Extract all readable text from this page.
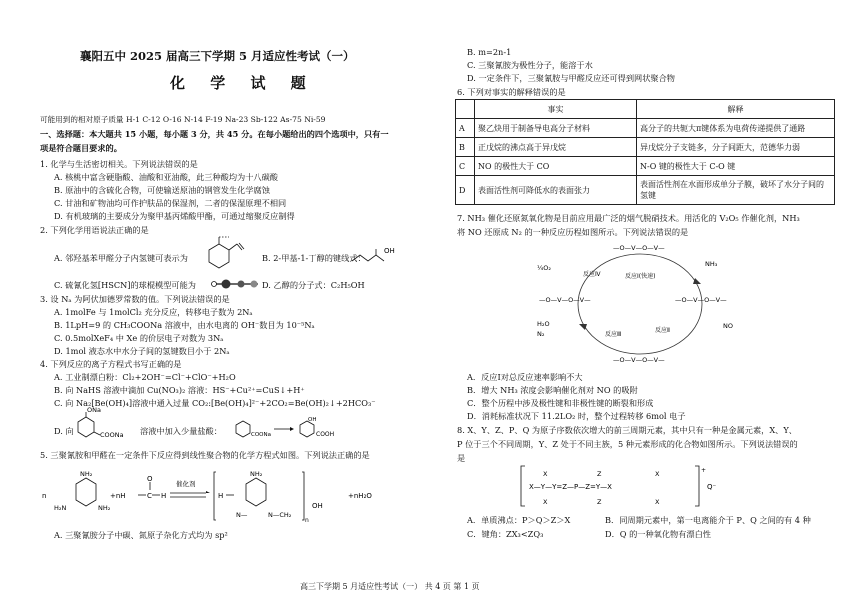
襄阳五中 2025 届高三下学期 5 月适应性考试（一）
化 学 试 题
可能用到的相对原子质量 H-1 C-12 O-16 N-14 F-19 Na-23 Sb-122 As-75 Ni-59
一、选择题：本大题共 15 小题，每小题 3 分，共 45 分。在每小题给出的四个选项中，只有一
项是符合题目要求的。
1. 化学与生活密切相关。下列说法错误的是
A. 核桃中富含硬脂酸、油酸和亚油酸，此三种酸均为十八碳酸
B. 原油中的含硫化合物，可使输送原油的钢管发生化学腐蚀
C. 甘油和矿物油均可作护肤品的保湿剂，二者的保湿原理不相同
D. 有机玻璃的主要成分为聚甲基丙烯酸甲酯，可通过缩聚反应制得
2. 下列化学用语说法正确的是
A. 邻羟基苯甲醛分子内氢键可表示为	B. 2-甲基-1-丁醇的键线式：
OH
C. 硫氰化氢[HSCN]的球棍模型可能为	D. 乙醇的分子式：C₂H₅OH
3. 设 Nₐ 为阿伏加德罗常数的值。下列说法错误的是
A. 1molFe 与 1molCl₂ 充分反应，转移电子数为 2Nₐ
B. 1LpH=9 的 CH₃COONa 溶液中，由水电离的 OH⁻数目为 10⁻⁵Nₐ
C. 0.5molXeF₄ 中 Xe 的价层电子对数为 3Nₐ
D. 1mol 液态水中水分子间的氢键数目小于 2Nₐ
4. 下列反应的离子方程式书写正确的是
A. 工业制漂白粉：Cl₂+2OH⁻=Cl⁻+ClO⁻+H₂O
B. 向 NaHS 溶液中滴加 Cu(NO₃)₂ 溶液：HS⁻+Cu²⁺=CuS↓+H⁺
C. 向 Na₂[Be(OH)₄]溶液中通入过量 CO₂:[Be(OH)₄]²⁻+2CO₂=Be(OH)₂↓+2HCO₃⁻
D. 向
ONa
COONa 溶液中加入少量盐酸：	COONa
OH
COOH
5. 三聚氰胺和甲醛在一定条件下反应得到线性聚合物的化学方程式如图。下列说法正确的是
n
NH₂
H₂N	NH₂
+nH	C H
O
催化剂
H
NH₂
N—	N—CH₂
n
OH
+nH₂O
A. 三聚氰胺分子中碳、氮原子杂化方式均为 sp²
B. m=2n-1
C. 三聚氰胺为极性分子，能溶于水
D. 一定条件下，三聚氰胺与甲醛反应还可得到网状聚合物
6. 下列对事实的解释错误的是
	事实	解释
A	聚乙炔用于制备导电高分子材料	高分子的共轭大π键体系为电荷传递提供了通路
B	正戊烷的沸点高于异戊烷	异戊烷分子支链多，分子间距大，范德华力弱
C	NO 的极性大于 CO	N-O 键的极性大于 C-O 键
D	表面活性剂可降低水的表面张力	表面活性剂在水面形成单分子膜，破坏了水分子间的氢键
7. NH₃ 催化还原氮氧化物是目前应用最广泛的烟气脱硝技术。用活化的 V₂O₅ 作催化剂，NH₃
将 NO 还原成 N₂ 的一种反应历程如图所示。下列说法错误的是
—O—V—O—V—
—O—V—O—V—	—O—V—O—V—
—O—V—O—V—
反应Ⅰ(快速)
反应Ⅱ
反应Ⅲ
反应Ⅳ
NH₃
NO
H₂O
N₂
¼O₂
A．反应Ⅰ对总反应速率影响不大
B．增大 NH₃ 浓度会影响催化剂对 NO 的吸附
C．整个历程中涉及极性键和非极性键的断裂和形成
D．消耗标准状况下 11.2LO₂ 时，整个过程转移 6mol 电子
8. X、Y、Z、P、Q 为原子序数依次增大的前三周期元素，其中只有一种是金属元素，X、Y、
P 位于三个不同周期，Y、Z 处于不同主族，5 种元素形成的化合物如图所示。下列说法错误的
是
X—Y—Y=Z—P—Z=Y—X
X
X
Z
Z
X
X
+
Q⁻
A．单质沸点：P＞Q＞Z＞X	B．同周期元素中，第一电离能介于 P、Q 之间的有 4 种
C．键角：ZX₃<ZQ₃	D．Q 的一种氧化物有漂白性
高三下学期 5 月适应性考试（一） 共 4 页 第 1 页
